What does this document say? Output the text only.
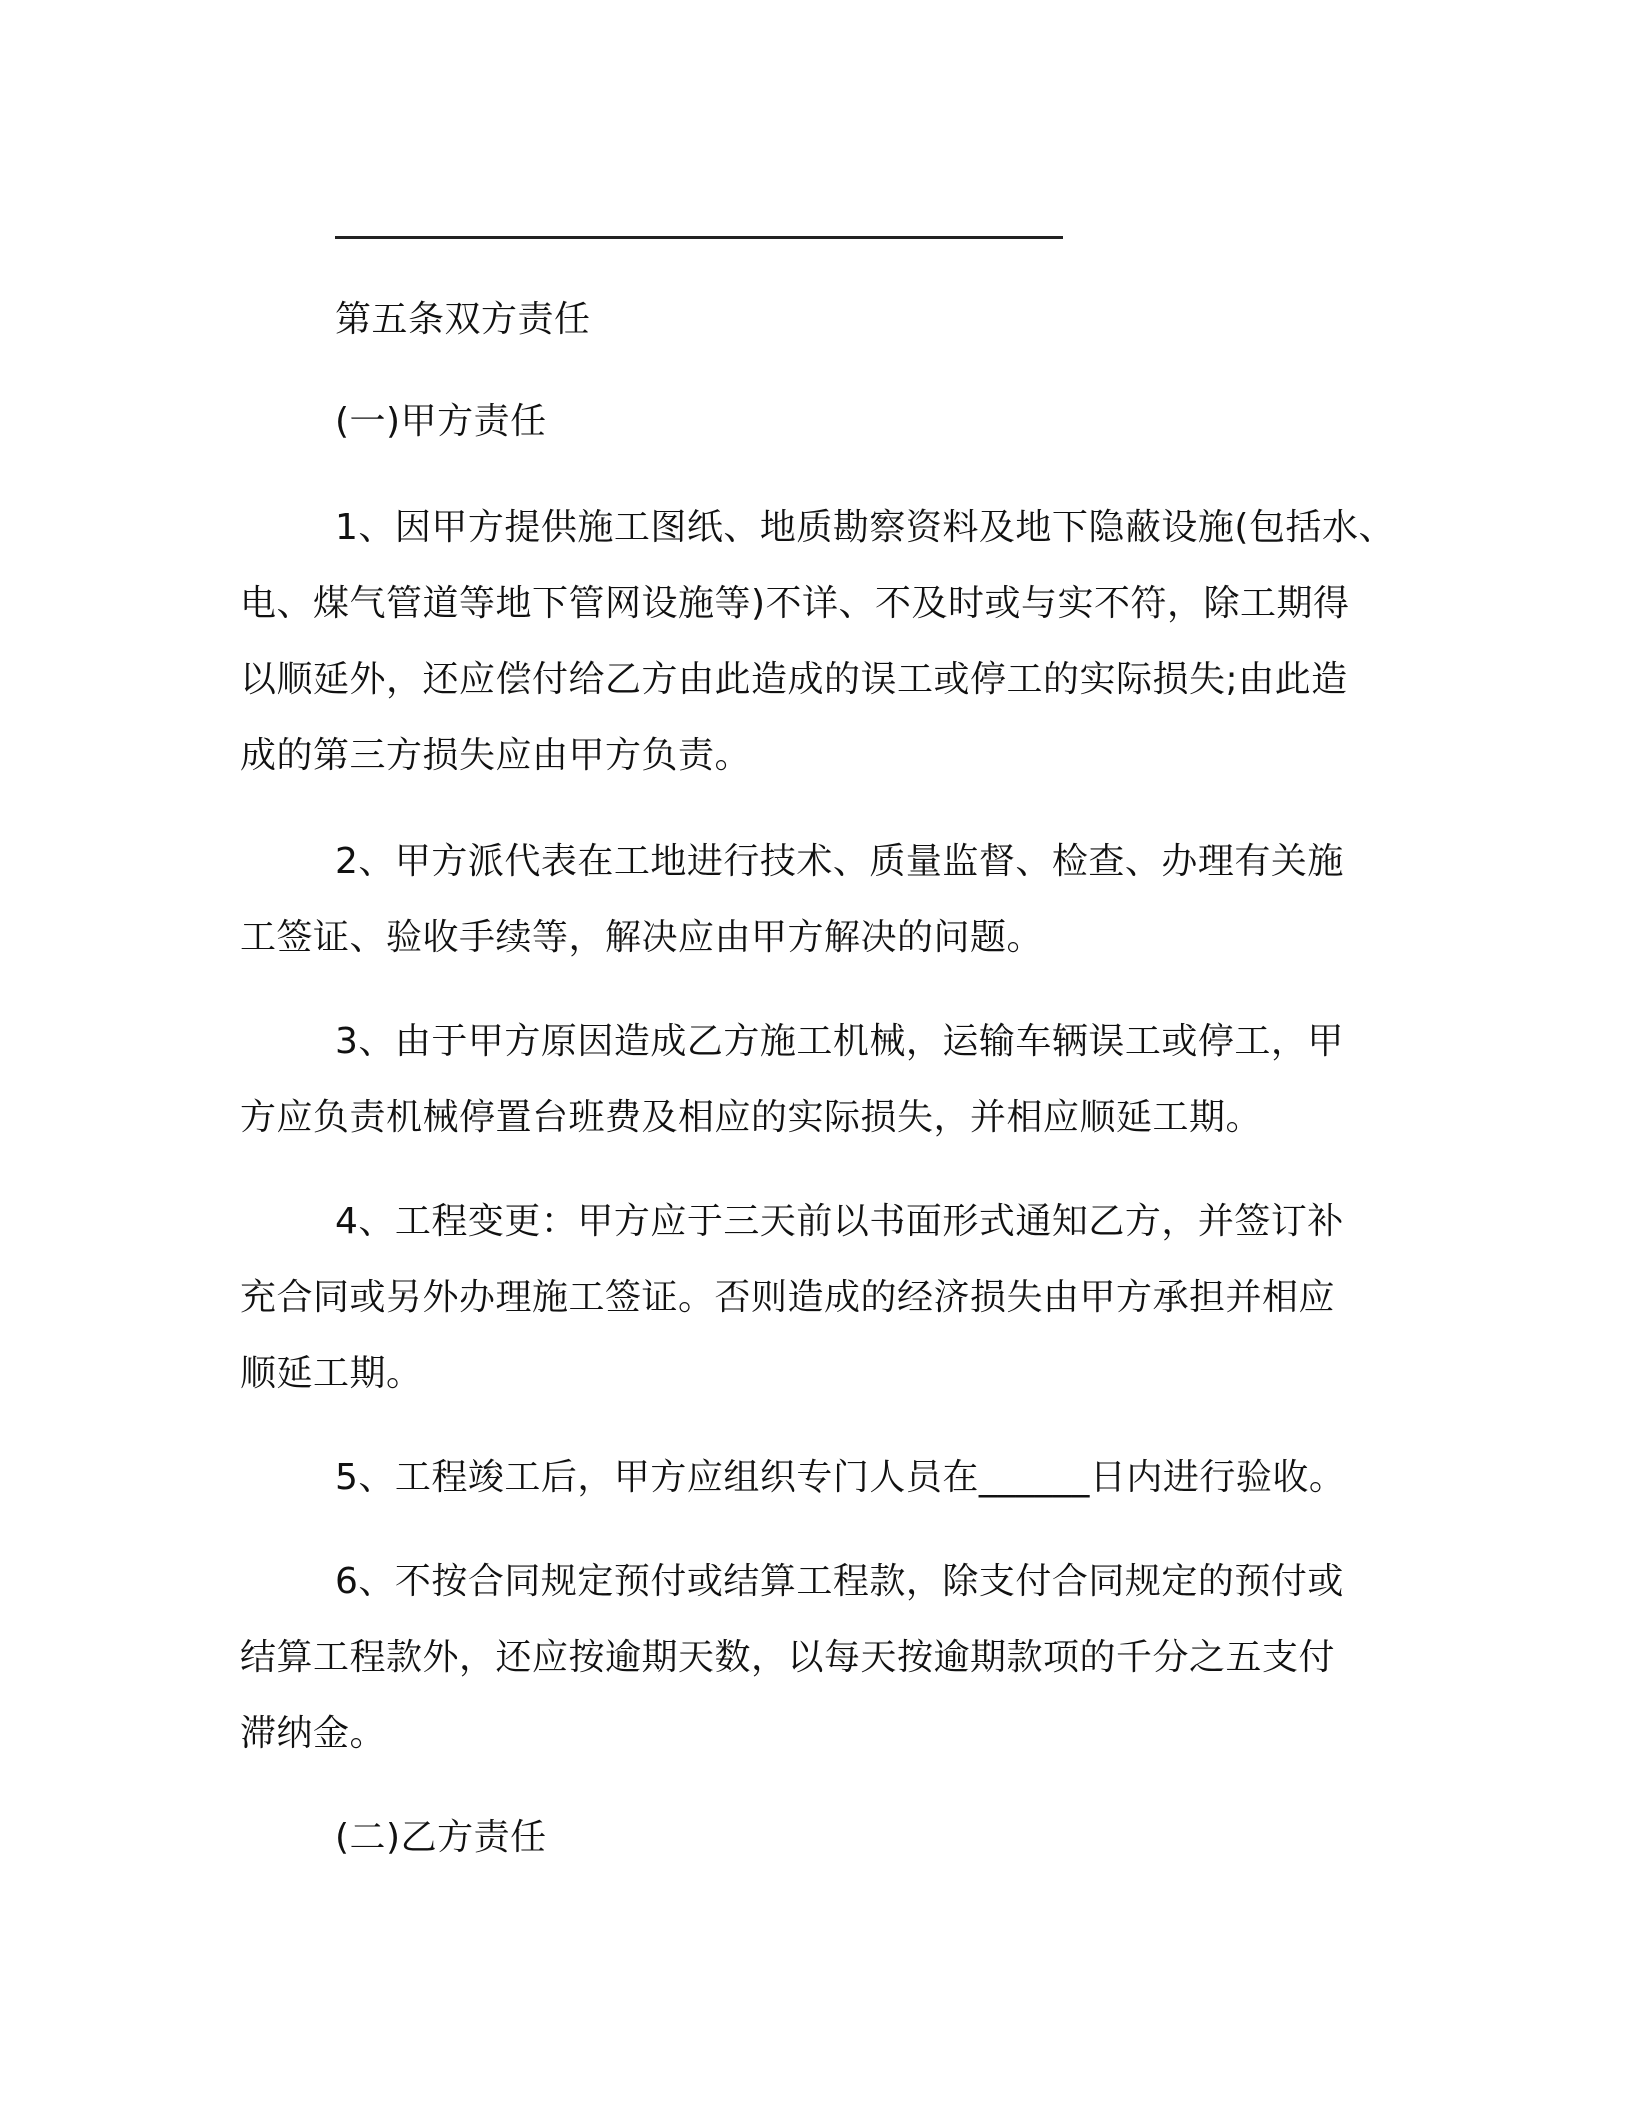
第五条双方责任
(一)甲方责任
1、因甲方提供施工图纸、地质勘察资料及地下隐蔽设施(包括水、
电、煤气管道等地下管网设施等)不详、不及时或与实不符，除工期得
以顺延外，还应偿付给乙方由此造成的误工或停工的实际损失;由此造
成的第三方损失应由甲方负责。
2、甲方派代表在工地进行技术、质量监督、检查、办理有关施
工签证、验收手续等，解决应由甲方解决的问题。
3、由于甲方原因造成乙方施工机械，运输车辆误工或停工，甲
方应负责机械停置台班费及相应的实际损失，并相应顺延工期。
4、工程变更：甲方应于三天前以书面形式通知乙方，并签订补
充合同或另外办理施工签证。否则造成的经济损失由甲方承担并相应
顺延工期。
5、工程竣工后，甲方应组织专门人员在______日内进行验收。
6、不按合同规定预付或结算工程款，除支付合同规定的预付或
结算工程款外，还应按逾期天数，以每天按逾期款项的千分之五支付
滞纳金。
(二)乙方责任
